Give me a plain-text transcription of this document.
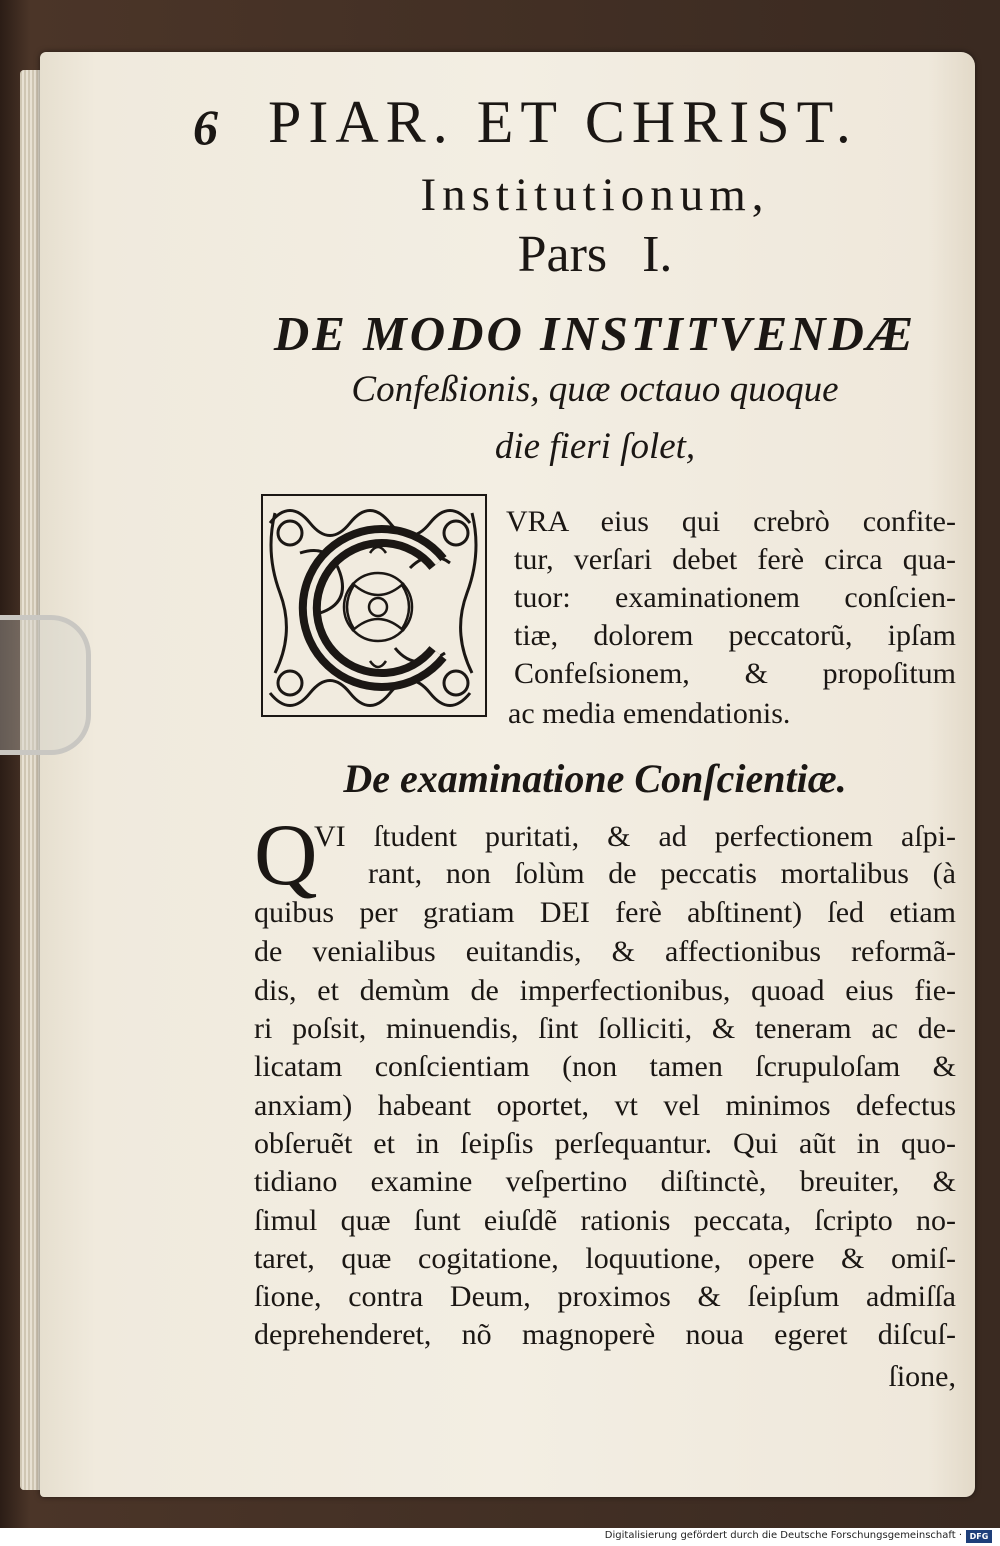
6 PIAR. ET CHRIST.
Institutionum,
Pars I.
DE MODO INSTITVENDÆ
Confeßionis, quæ octauo quoque
die fieri ſolet,
VRA eius qui crebrò confite-
tur, verſari debet ferè circa qua-
tuor: examinationem conſcien-
tiæ, dolorem peccatorũ, ipſam
Confeſsionem, & propoſitum
ac media emendationis.
De examinatione Conſcientiæ.
Q
VI ſtudent puritati, & ad perfectionem aſpi-
rant, non ſolùm de peccatis mortalibus (à
quibus per gratiam DEI ferè abſtinent) ſed etiam
de venialibus euitandis, & affectionibus reformã-
dis, et demùm de imperfectionibus, quoad eius fie-
ri poſsit, minuendis, ſint ſolliciti, & teneram ac de-
licatam conſcientiam (non tamen ſcrupuloſam &
anxiam) habeant oportet, vt vel minimos defectus
obſeruẽt et in ſeipſis perſequantur. Qui aũt in quo-
tidiano examine veſpertino diſtinctè, breuiter, &
ſimul quæ ſunt eiuſdẽ rationis peccata, ſcripto no-
taret, quæ cogitatione, loquutione, opere & omiſ-
ſione, contra Deum, proximos & ſeipſum admiſſa
deprehenderet, nõ magnoperè noua egeret diſcuſ-
ſione,
Digitalisierung gefördert durch die Deutsche Forschungsgemeinschaft · DFG
